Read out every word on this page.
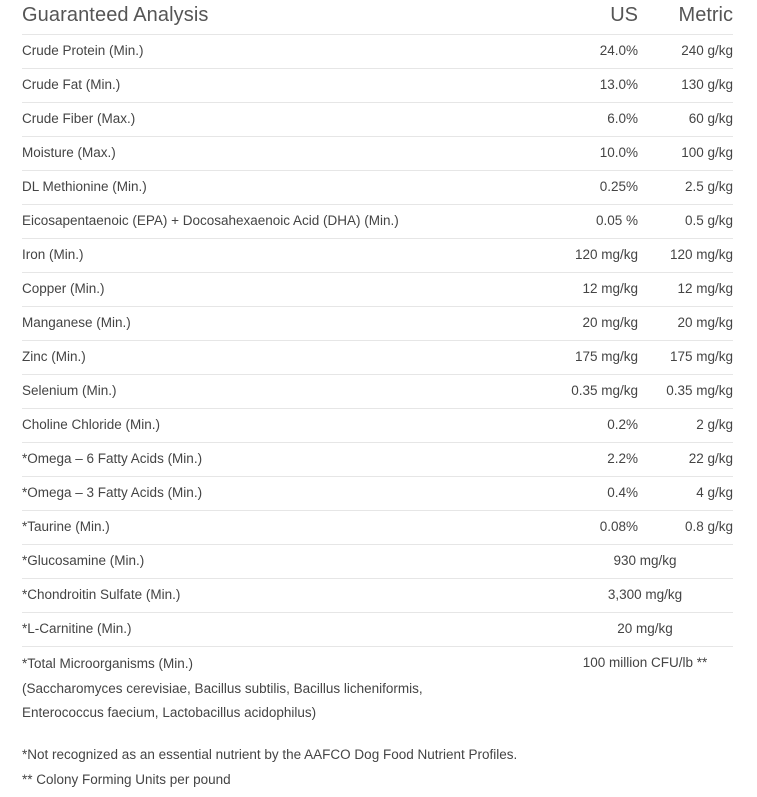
Guaranteed Analysis	US Metric
Crude Protein (Min.)	24.0%	240 g/kg
Crude Fat (Min.)	13.0%	130 g/kg
Crude Fiber (Max.)	6.0%	60 g/kg
Moisture (Max.)	10.0%	100 g/kg
DL Methionine (Min.)	0.25%	2.5 g/kg
Eicosapentaenoic (EPA) + Docosahexaenoic Acid (DHA) (Min.)	0.05 %	0.5 g/kg
Iron (Min.)	120 mg/kg 120 mg/kg
Copper (Min.)	12 mg/kg	12 mg/kg
Manganese (Min.)	20 mg/kg	20 mg/kg
Zinc (Min.)	175 mg/kg 175 mg/kg
Selenium (Min.)	0.35 mg/kg 0.35 mg/kg
Choline Chloride (Min.)	0.2%	2 g/kg
*Omega – 6 Fatty Acids (Min.)	2.2%	22 g/kg
*Omega – 3 Fatty Acids (Min.)	0.4%	4 g/kg
*Taurine (Min.)	0.08%	0.8 g/kg
*Glucosamine (Min.)	930 mg/kg
*Chondroitin Sulfate (Min.)	3,300 mg/kg
*L-Carnitine (Min.)	20 mg/kg
*Total Microorganisms (Min.)
(Saccharomyces cerevisiae, Bacillus subtilis, Bacillus licheniformis,
Enterococcus faecium, Lactobacillus acidophilus)
100 million CFU/lb **
*Not recognized as an essential nutrient by the AAFCO Dog Food Nutrient Profiles.
** Colony Forming Units per pound
